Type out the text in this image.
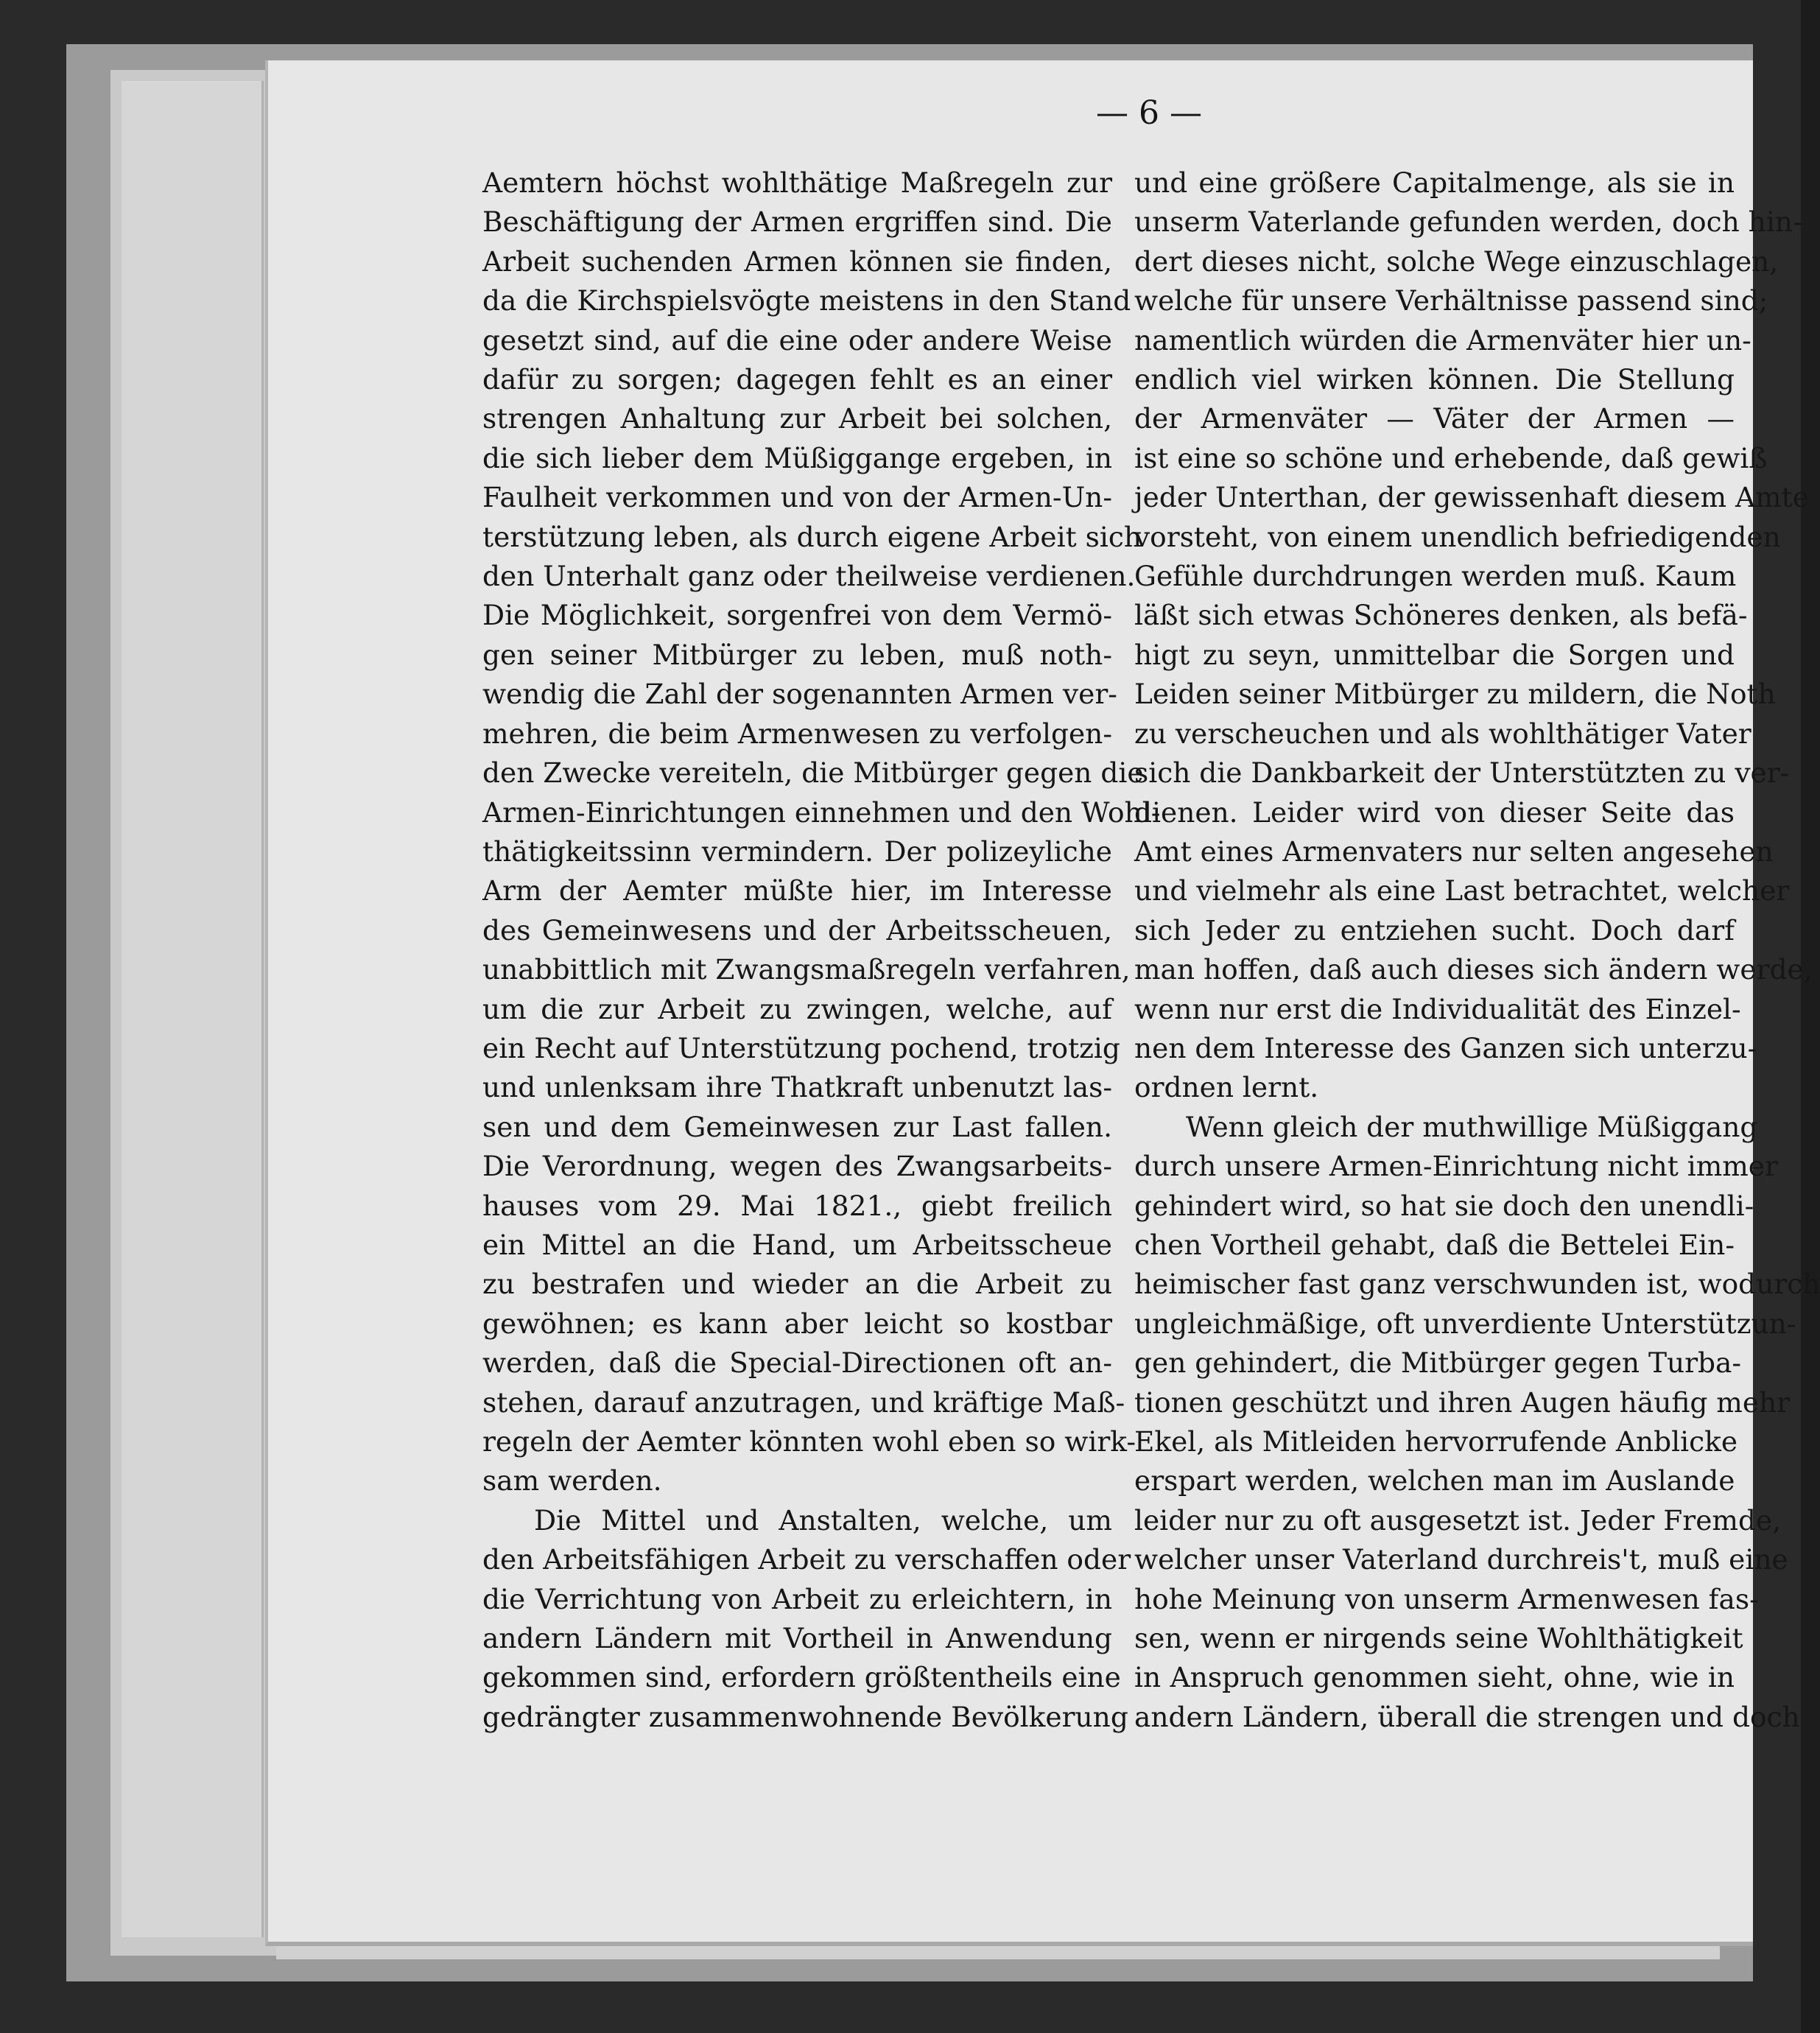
— 6 —
Aemtern höchst wohlthätige Maßregeln zur
Beschäftigung der Armen ergriffen sind. Die
Arbeit suchenden Armen können sie finden,
da die Kirchspielsvögte meistens in den Stand
gesetzt sind, auf die eine oder andere Weise
dafür zu sorgen; dagegen fehlt es an einer
strengen Anhaltung zur Arbeit bei solchen,
die sich lieber dem Müßiggange ergeben, in
Faulheit verkommen und von der Armen-Un-
terstützung leben, als durch eigene Arbeit sich
den Unterhalt ganz oder theilweise verdienen.
Die Möglichkeit, sorgenfrei von dem Vermö-
gen seiner Mitbürger zu leben, muß noth-
wendig die Zahl der sogenannten Armen ver-
mehren, die beim Armenwesen zu verfolgen-
den Zwecke vereiteln, die Mitbürger gegen die
Armen-Einrichtungen einnehmen und den Wohl-
thätigkeitssinn vermindern. Der polizeyliche
Arm der Aemter müßte hier, im Interesse
des Gemeinwesens und der Arbeitsscheuen,
unabbittlich mit Zwangsmaßregeln verfahren,
um die zur Arbeit zu zwingen, welche, auf
ein Recht auf Unterstützung pochend, trotzig
und unlenksam ihre Thatkraft unbenutzt las-
sen und dem Gemeinwesen zur Last fallen.
Die Verordnung, wegen des Zwangsarbeits-
hauses vom 29. Mai 1821., giebt freilich
ein Mittel an die Hand, um Arbeitsscheue
zu bestrafen und wieder an die Arbeit zu
gewöhnen; es kann aber leicht so kostbar
werden, daß die Special-Directionen oft an-
stehen, darauf anzutragen, und kräftige Maß-
regeln der Aemter könnten wohl eben so wirk-
sam werden.
Die Mittel und Anstalten, welche, um
den Arbeitsfähigen Arbeit zu verschaffen oder
die Verrichtung von Arbeit zu erleichtern, in
andern Ländern mit Vortheil in Anwendung
gekommen sind, erfordern größtentheils eine
gedrängter zusammenwohnende Bevölkerung
und eine größere Capitalmenge, als sie in
unserm Vaterlande gefunden werden, doch hin-
dert dieses nicht, solche Wege einzuschlagen,
welche für unsere Verhältnisse passend sind;
namentlich würden die Armenväter hier un-
endlich viel wirken können. Die Stellung
der Armenväter — Väter der Armen —
ist eine so schöne und erhebende, daß gewiß
jeder Unterthan, der gewissenhaft diesem Amte
vorsteht, von einem unendlich befriedigenden
Gefühle durchdrungen werden muß. Kaum
läßt sich etwas Schöneres denken, als befä-
higt zu seyn, unmittelbar die Sorgen und
Leiden seiner Mitbürger zu mildern, die Noth
zu verscheuchen und als wohlthätiger Vater
sich die Dankbarkeit der Unterstützten zu ver-
dienen. Leider wird von dieser Seite das
Amt eines Armenvaters nur selten angesehen
und vielmehr als eine Last betrachtet, welcher
sich Jeder zu entziehen sucht. Doch darf
man hoffen, daß auch dieses sich ändern werde,
wenn nur erst die Individualität des Einzel-
nen dem Interesse des Ganzen sich unterzu-
ordnen lernt.
Wenn gleich der muthwillige Müßiggang
durch unsere Armen-Einrichtung nicht immer
gehindert wird, so hat sie doch den unendli-
chen Vortheil gehabt, daß die Bettelei Ein-
heimischer fast ganz verschwunden ist, wodurch
ungleichmäßige, oft unverdiente Unterstützun-
gen gehindert, die Mitbürger gegen Turba-
tionen geschützt und ihren Augen häufig mehr
Ekel, als Mitleiden hervorrufende Anblicke
erspart werden, welchen man im Auslande
leider nur zu oft ausgesetzt ist. Jeder Fremde,
welcher unser Vaterland durchreis't, muß eine
hohe Meinung von unserm Armenwesen fas-
sen, wenn er nirgends seine Wohlthätigkeit
in Anspruch genommen sieht, ohne, wie in
andern Ländern, überall die strengen und doch
